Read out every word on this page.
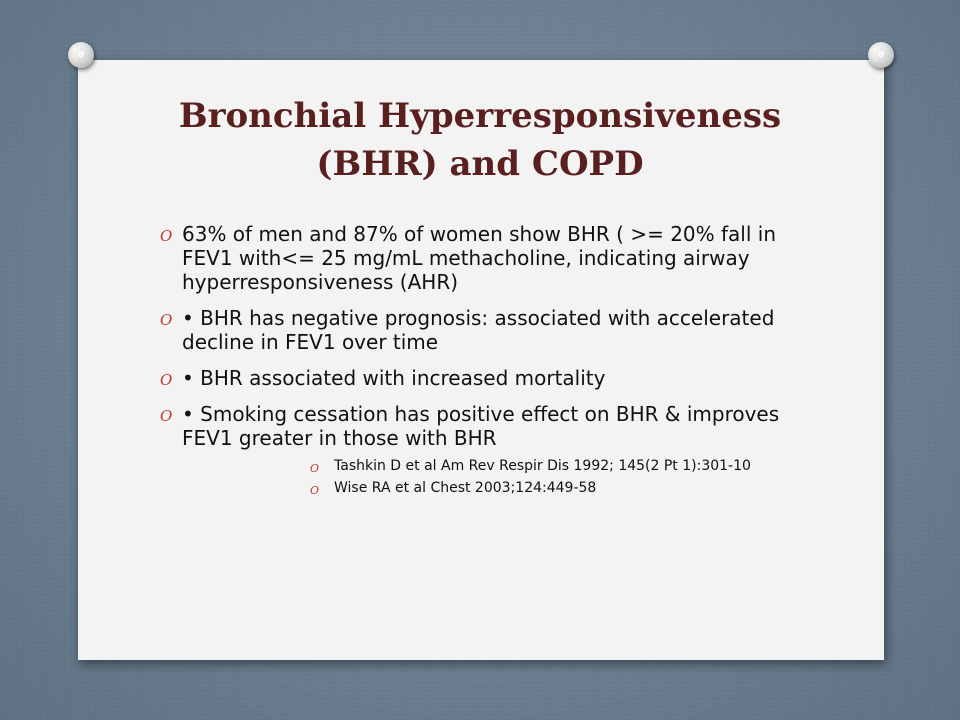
Bronchial Hyperresponsiveness
(BHR) and COPD
O 63% of men and 87% of women show BHR ( >= 20% fall in FEV1 with<= 25 mg/mL methacholine, indicating airway hyperresponsiveness (AHR)
O • BHR has negative prognosis: associated with accelerated decline in FEV1 over time
O • BHR associated with increased mortality
O • Smoking cessation has positive effect on BHR & improves FEV1 greater in those with BHR
O Tashkin D et al Am Rev Respir Dis 1992; 145(2 Pt 1):301-10
O Wise RA et al Chest 2003;124:449-58
